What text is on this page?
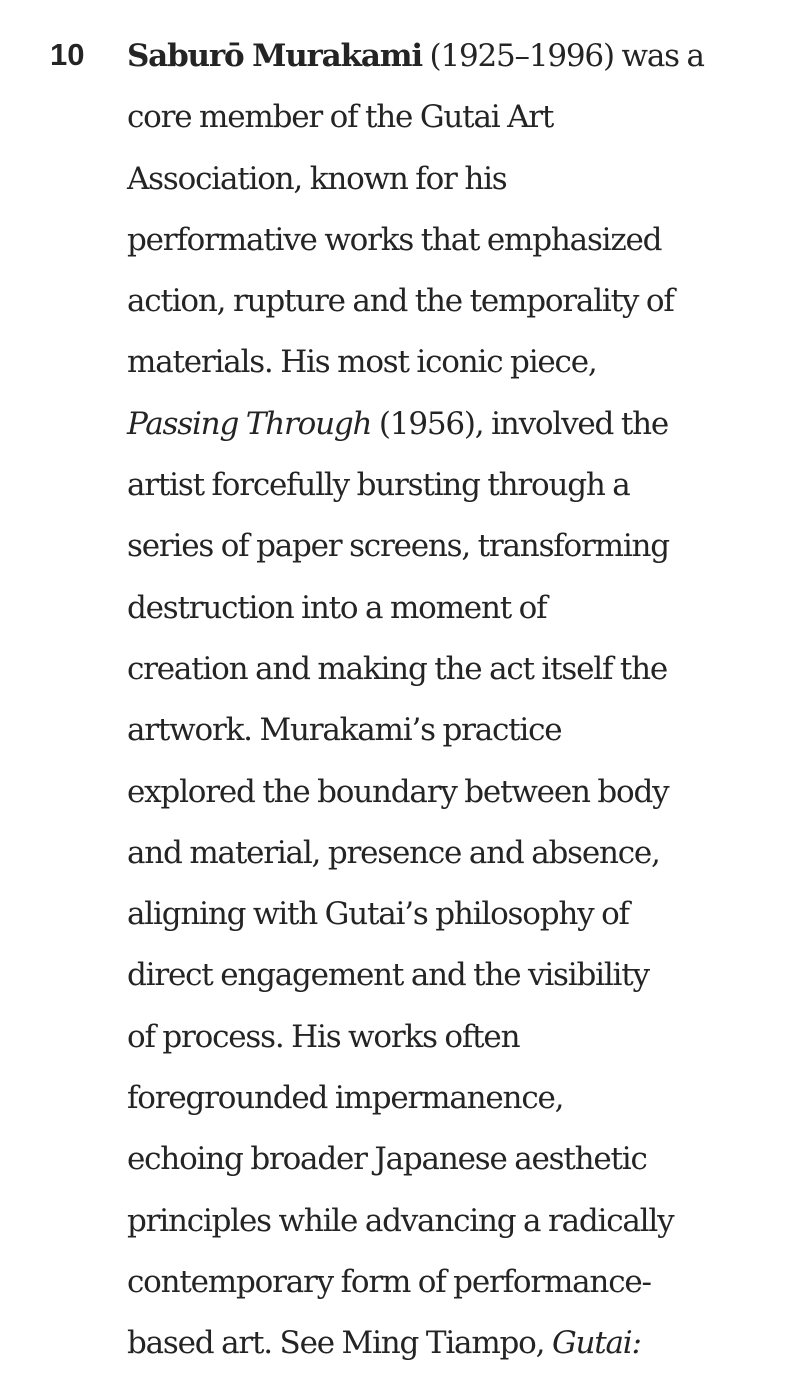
10 Saburō Murakami (1925–1996) was a
core member of the Gutai Art
Association, known for his
performative works that emphasized
action, rupture and the temporality of
materials. His most iconic piece,
Passing Through (1956), involved the
artist forcefully bursting through a
series of paper screens, transforming
destruction into a moment of
creation and making the act itself the
artwork. Murakami’s practice
explored the boundary between body
and material, presence and absence,
aligning with Gutai’s philosophy of
direct engagement and the visibility
of process. His works often
foregrounded impermanence,
echoing broader Japanese aesthetic
principles while advancing a radically
contemporary form of performance-
based art. See Ming Tiampo, Gutai:
